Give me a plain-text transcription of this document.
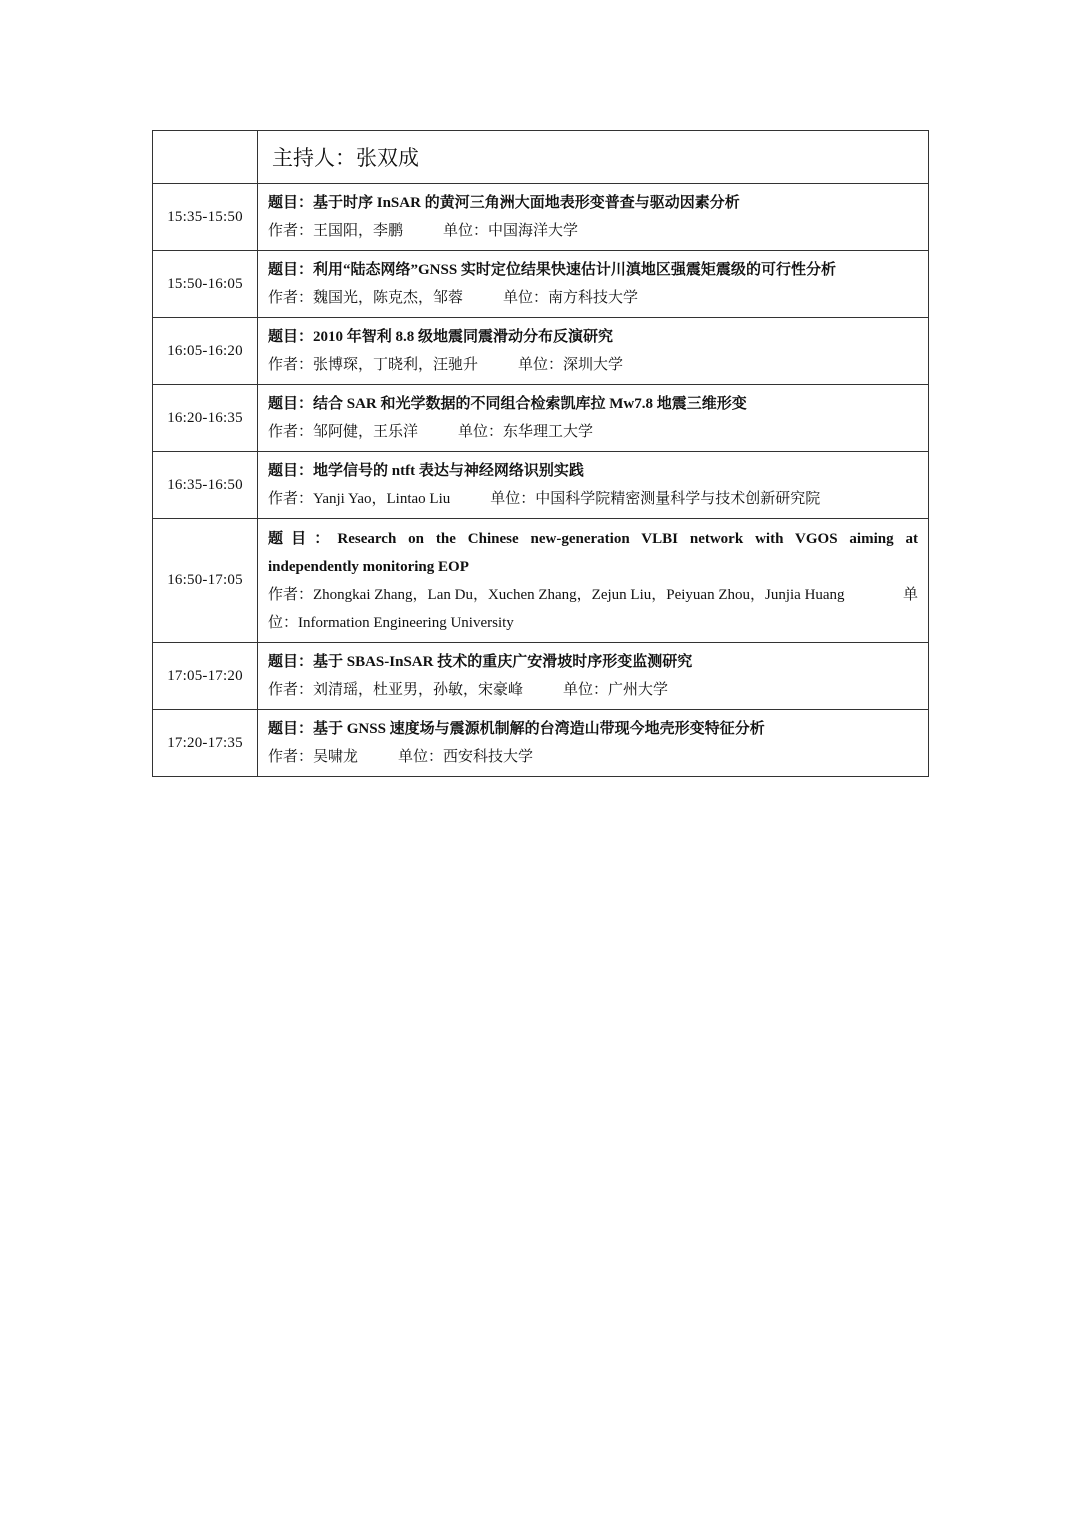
	主持人：张双成
15:35-15:50	题目：基于时序 InSAR 的黄河三角洲大面地表形变普查与驱动因素分析
作者：王国阳，李鹏 单位：中国海洋大学

15:50-16:05	题目：利用“陆态网络”GNSS 实时定位结果快速估计川滇地区强震矩震级的可行性分析
作者：魏国光，陈克杰，邹蓉 单位：南方科技大学

16:05-16:20	题目：2010 年智利 8.8 级地震同震滑动分布反演研究
作者：张博琛，丁晓利，汪驰升 单位：深圳大学

16:20-16:35	题目：结合 SAR 和光学数据的不同组合检索凯库拉 Mw7.8 地震三维形变
作者：邹阿健，王乐洋 单位：东华理工大学

16:35-16:50	题目：地学信号的 ntft 表达与神经网络识别实践
作者：Yanji Yao，Lintao Liu 单位：中国科学院精密测量科学与技术创新研究院

16:50-17:05	题目：Research on the Chinese new-generation VLBI network with VGOS aiming at
independently monitoring EOP
作者：Zhongkai Zhang，Lan Du，Xuchen Zhang，Zejun Liu，Peiyuan Zhou，Junjia Huang 单
位：Information Engineering University

17:05-17:20	题目：基于 SBAS-InSAR 技术的重庆广安滑坡时序形变监测研究
作者：刘清瑶，杜亚男，孙敏，宋豪峰 单位：广州大学

17:20-17:35	题目：基于 GNSS 速度场与震源机制解的台湾造山带现今地壳形变特征分析
作者：吴啸龙 单位：西安科技大学
